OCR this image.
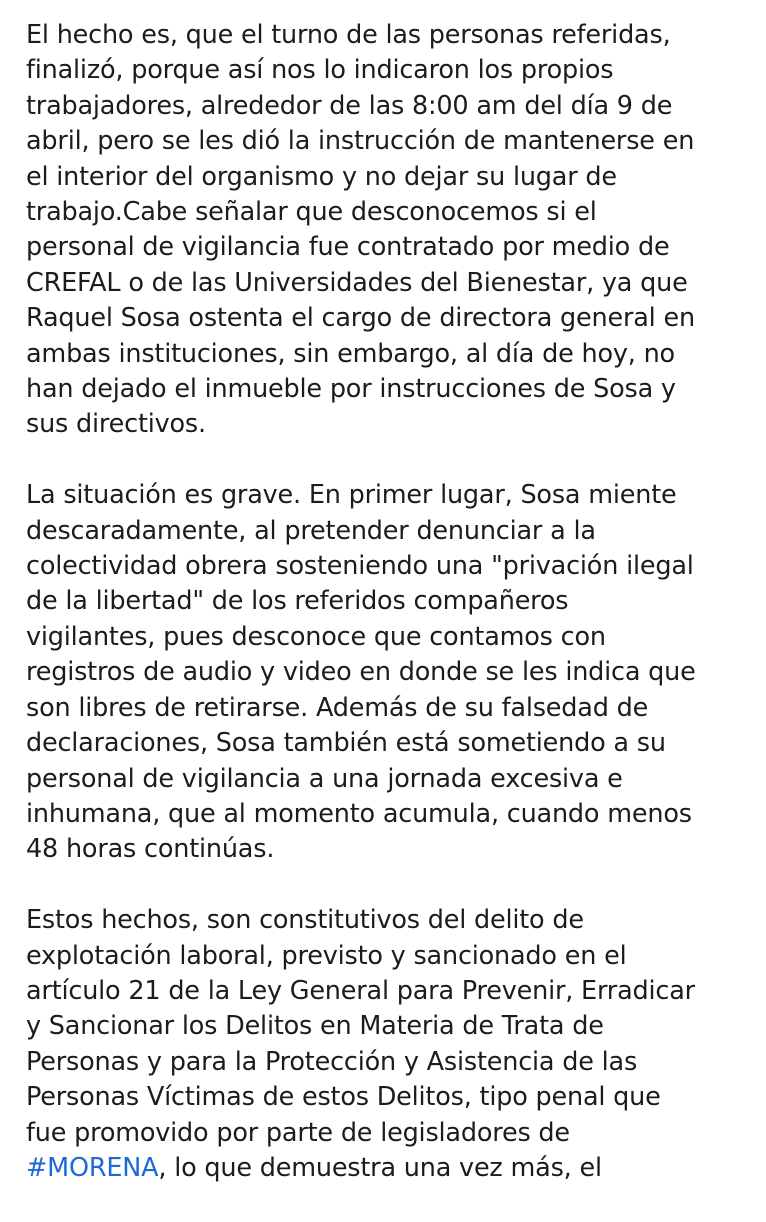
El hecho es, que el turno de las personas referidas,
finalizó, porque así nos lo indicaron los propios
trabajadores, alrededor de las 8:00 am del día 9 de
abril, pero se les dió la instrucción de mantenerse en
el interior del organismo y no dejar su lugar de
trabajo.Cabe señalar que desconocemos si el
personal de vigilancia fue contratado por medio de
CREFAL o de las Universidades del Bienestar, ya que
Raquel Sosa ostenta el cargo de directora general en
ambas instituciones, sin embargo, al día de hoy, no
han dejado el inmueble por instrucciones de Sosa y
sus directivos.
La situación es grave. En primer lugar, Sosa miente
descaradamente, al pretender denunciar a la
colectividad obrera sosteniendo una "privación ilegal
de la libertad" de los referidos compañeros
vigilantes, pues desconoce que contamos con
registros de audio y video en donde se les indica que
son libres de retirarse. Además de su falsedad de
declaraciones, Sosa también está sometiendo a su
personal de vigilancia a una jornada excesiva e
inhumana, que al momento acumula, cuando menos
48 horas continúas.
Estos hechos, son constitutivos del delito de
explotación laboral, previsto y sancionado en el
artículo 21 de la Ley General para Prevenir, Erradicar
y Sancionar los Delitos en Materia de Trata de
Personas y para la Protección y Asistencia de las
Personas Víctimas de estos Delitos, tipo penal que
fue promovido por parte de legisladores de
#MORENA, lo que demuestra una vez más, el
